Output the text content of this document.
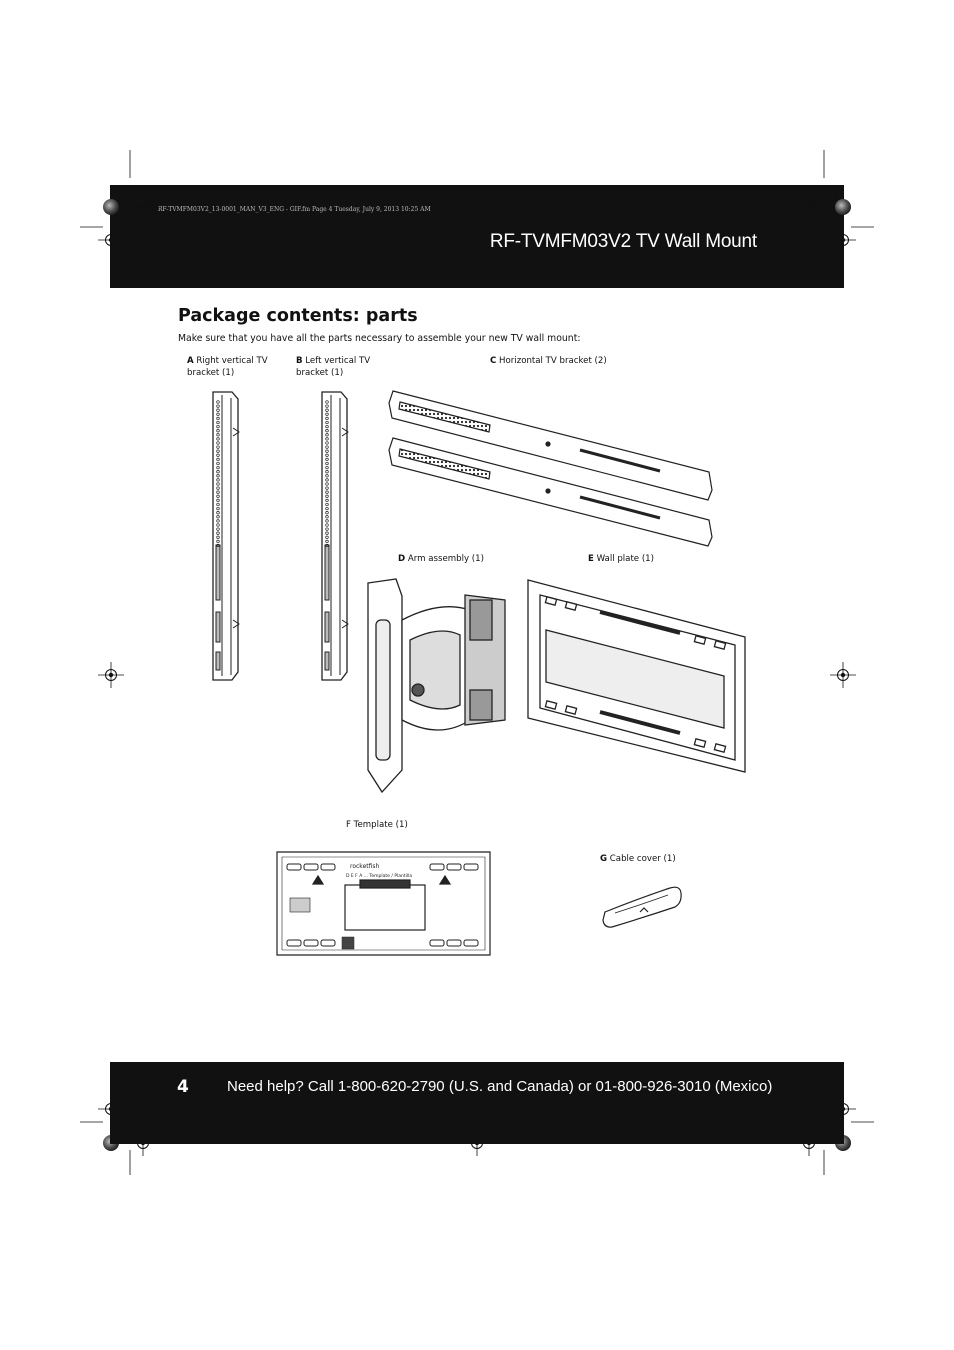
RF-TVMFM03V2_13-0001_MAN_V3_ENG - GIF.fm Page 4 Tuesday, July 9, 2013 10:25 AM
RF-TVMFM03V2 TV Wall Mount
Package contents: parts
Make sure that you have all the parts necessary to assemble your new TV wall mount:
A Right vertical TV
bracket (1)
B Left vertical TV
bracket (1)
C Horizontal TV bracket (2)
D Arm assembly (1)	E Wall plate (1)
F Template (1)
G Cable cover (1)
rocketfish
D E F A ... Template / Plantilla
4	Need help? Call 1-800-620-2790 (U.S. and Canada) or 01-800-926-3010 (Mexico)
